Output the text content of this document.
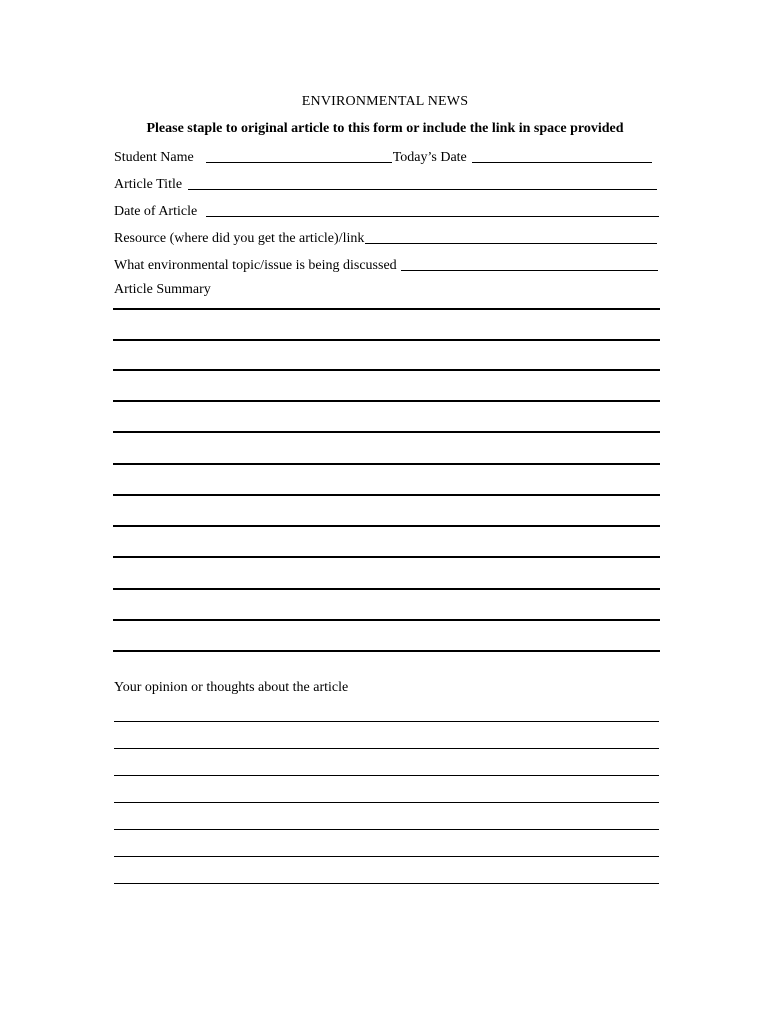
ENVIRONMENTAL NEWS
Please staple to original article to this form or include the link in space provided
Student Name	Today’s Date
Article Title
Date of Article
Resource (where did you get the article)/link
What environmental topic/issue is being discussed
Article Summary
Your opinion or thoughts about the article
